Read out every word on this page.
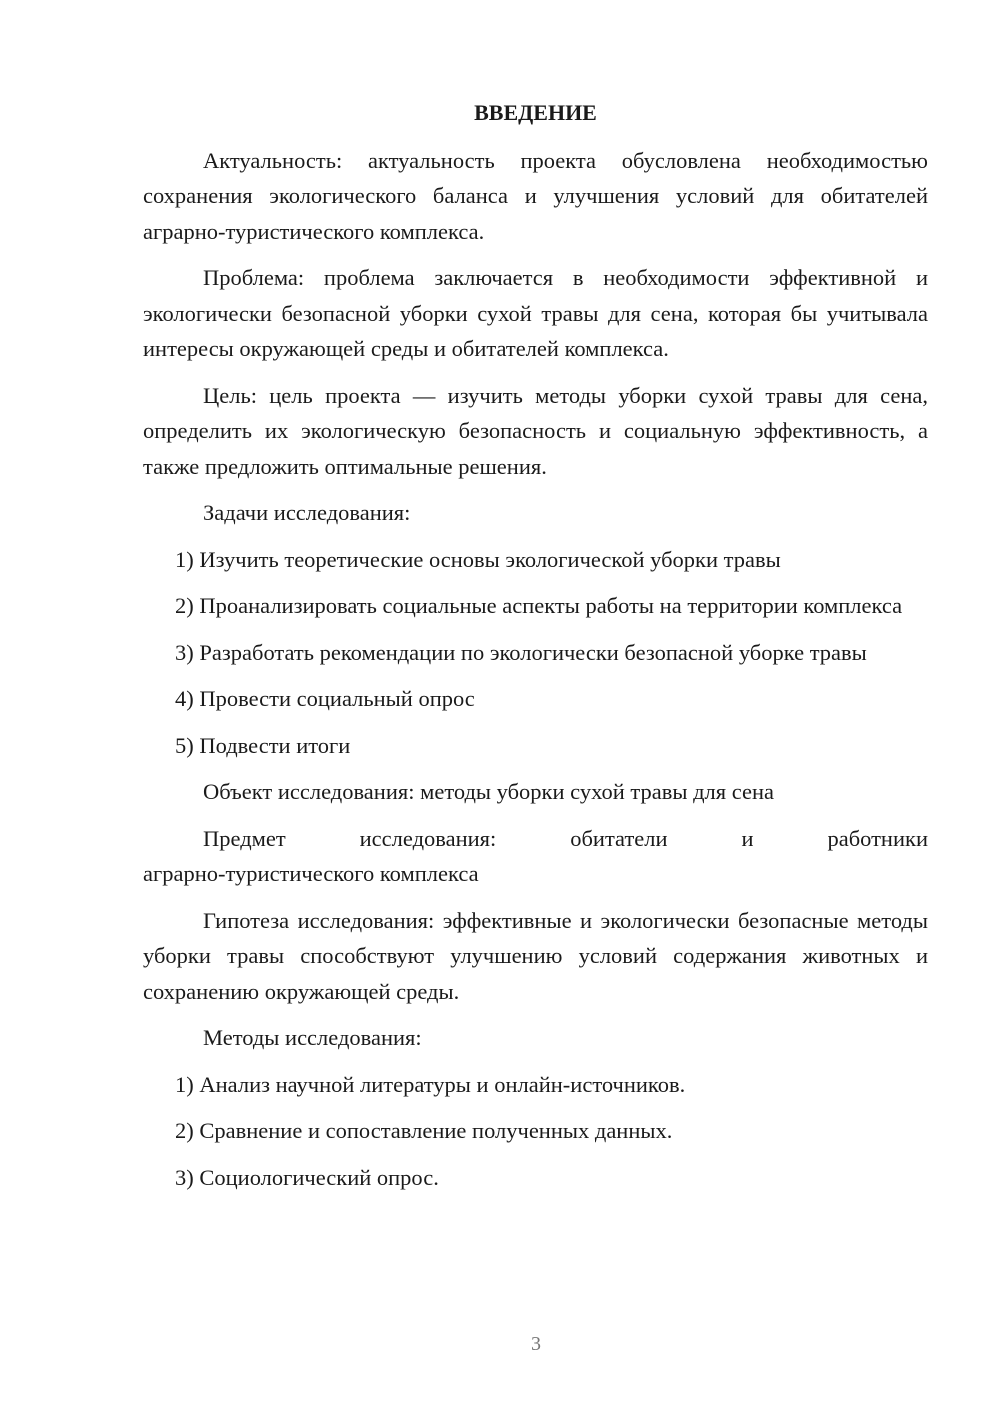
ВВЕДЕНИЕ

Актуальность: актуальность проекта обусловлена необходимостью сохранения экологического баланса и улучшения условий для обитателей аграрно-туристического комплекса.

Проблема: проблема заключается в необходимости эффективной и экологически безопасной уборки сухой травы для сена, которая бы учитывала интересы окружающей среды и обитателей комплекса.

Цель: цель проекта — изучить методы уборки сухой травы для сена, определить их экологическую безопасность и социальную эффективность, а также предложить оптимальные решения.

Задачи исследования:

1) Изучить теоретические основы экологической уборки травы

2) Проанализировать социальные аспекты работы на территории комплекса

3) Разработать рекомендации по экологически безопасной уборке травы

4) Провести социальный опрос

5) Подвести итоги

Объект исследования: методы уборки сухой травы для сена

Предмет исследования: обитатели и работники
аграрно-туристического комплекса

Гипотеза исследования: эффективные и экологически безопасные методы уборки травы способствуют улучшению условий содержания животных и сохранению окружающей среды.

Методы исследования:

1) Анализ научной литературы и онлайн-источников.

2) Сравнение и сопоставление полученных данных.

3) Социологический опрос.

3
